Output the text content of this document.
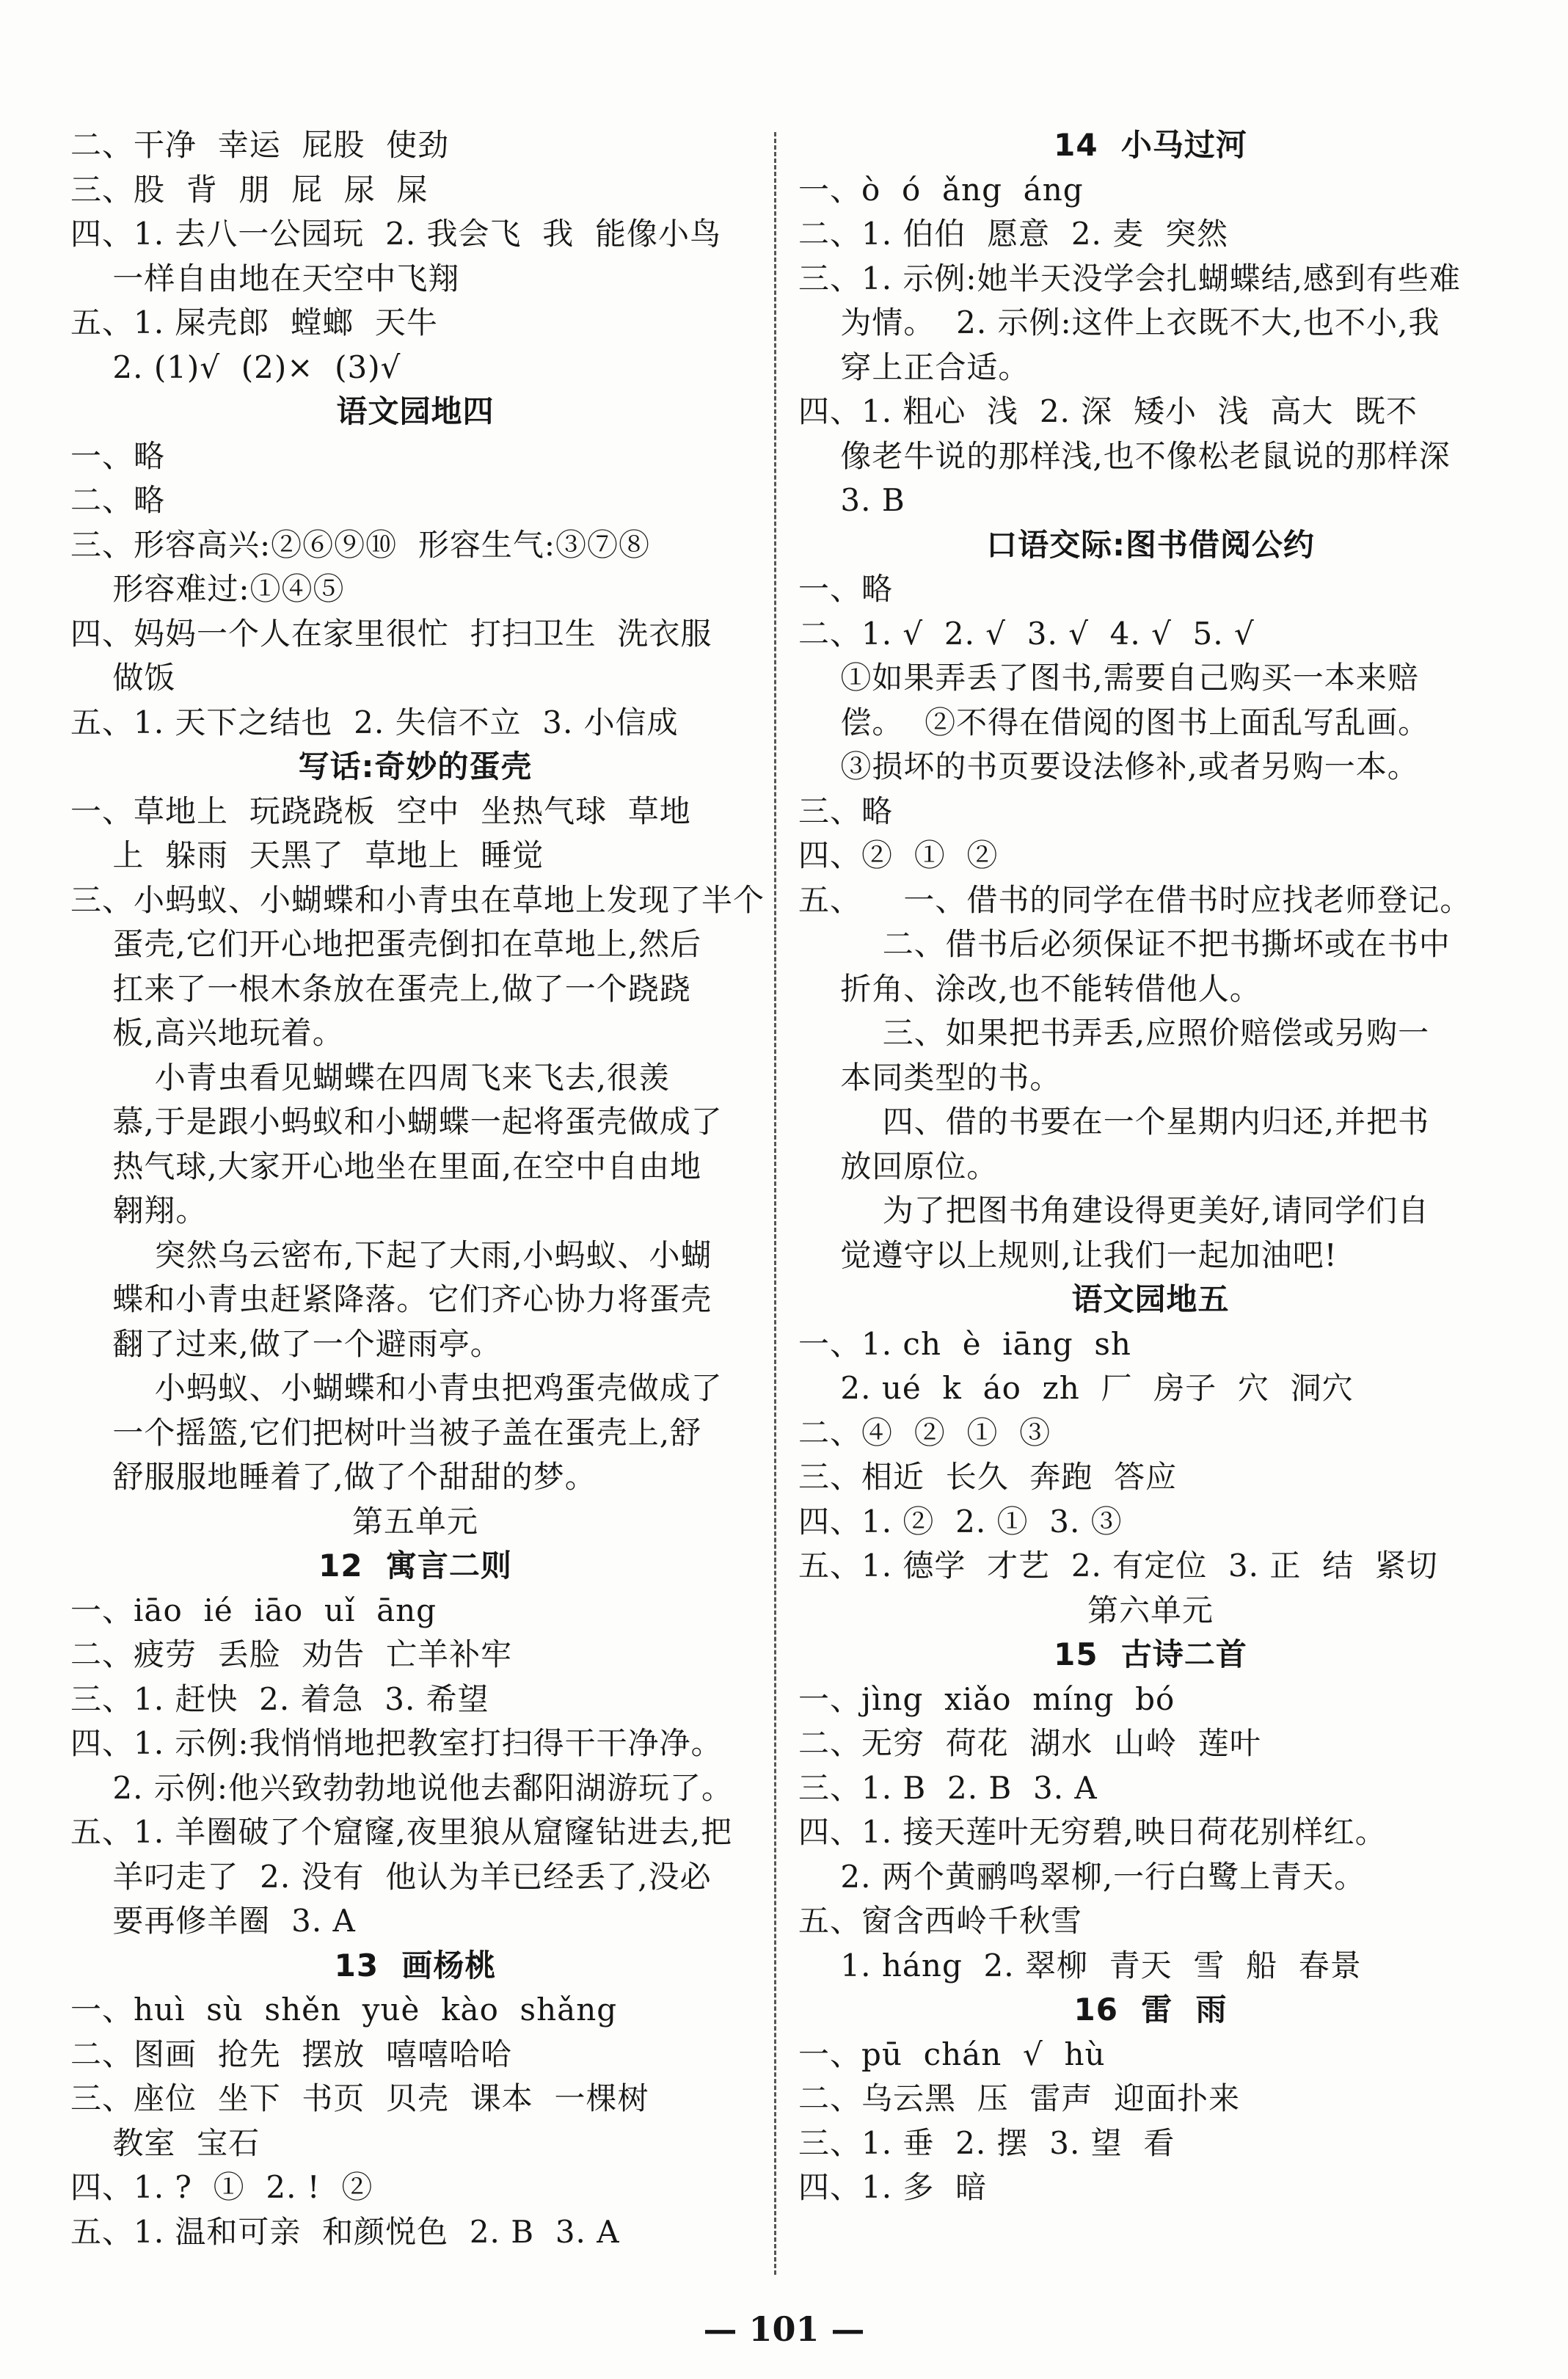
二、干净  幸运  屁股  使劲
三、股  背  朋  屁  尿  屎
四、1. 去八一公园玩  2. 我会飞  我  能像小鸟
一样自由地在天空中飞翔
五、1. 屎壳郎  螳螂  天牛
2. (1)√  (2)×  (3)√
语文园地四
一、略
二、略
三、形容高兴:②⑥⑨⑩  形容生气:③⑦⑧
形容难过:①④⑤
四、妈妈一个人在家里很忙  打扫卫生  洗衣服
做饭
五、1. 天下之结也  2. 失信不立  3. 小信成
写话:奇妙的蛋壳
一、草地上  玩跷跷板  空中  坐热气球  草地
上  躲雨  天黑了  草地上  睡觉
三、小蚂蚁、小蝴蝶和小青虫在草地上发现了半个
蛋壳,它们开心地把蛋壳倒扣在草地上,然后
扛来了一根木条放在蛋壳上,做了一个跷跷
板,高兴地玩着。
小青虫看见蝴蝶在四周飞来飞去,很羡
慕,于是跟小蚂蚁和小蝴蝶一起将蛋壳做成了
热气球,大家开心地坐在里面,在空中自由地
翱翔。
突然乌云密布,下起了大雨,小蚂蚁、小蝴
蝶和小青虫赶紧降落。它们齐心协力将蛋壳
翻了过来,做了一个避雨亭。
小蚂蚁、小蝴蝶和小青虫把鸡蛋壳做成了
一个摇篮,它们把树叶当被子盖在蛋壳上,舒
舒服服地睡着了,做了个甜甜的梦。
第五单元
12  寓言二则
一、iāo  ié  iāo  uǐ  āng
二、疲劳  丢脸  劝告  亡羊补牢
三、1. 赶快  2. 着急  3. 希望
四、1. 示例:我悄悄地把教室打扫得干干净净。
2. 示例:他兴致勃勃地说他去鄱阳湖游玩了。
五、1. 羊圈破了个窟窿,夜里狼从窟窿钻进去,把
羊叼走了  2. 没有  他认为羊已经丢了,没必
要再修羊圈  3. A
13  画杨桃
一、huì  sù  shěn  yuè  kào  shǎng
二、图画  抢先  摆放  嘻嘻哈哈
三、座位  坐下  书页  贝壳  课本  一棵树
教室  宝石
四、1. ?  ①  2. !  ②
五、1. 温和可亲  和颜悦色  2. B  3. A
14  小马过河
一、ò  ó  ǎng  áng
二、1. 伯伯  愿意  2. 麦  突然
三、1. 示例:她半天没学会扎蝴蝶结,感到有些难
为情。  2. 示例:这件上衣既不大,也不小,我
穿上正合适。
四、1. 粗心  浅  2. 深  矮小  浅  高大  既不
像老牛说的那样浅,也不像松老鼠说的那样深
3. B
口语交际:图书借阅公约
一、略
二、1. √  2. √  3. √  4. √  5. √
①如果弄丢了图书,需要自己购买一本来赔
偿。  ②不得在借阅的图书上面乱写乱画。
③损坏的书页要设法修补,或者另购一本。
三、略
四、②  ①  ②
五、    一、借书的同学在借书时应找老师登记。
二、借书后必须保证不把书撕坏或在书中
折角、涂改,也不能转借他人。
三、如果把书弄丢,应照价赔偿或另购一
本同类型的书。
四、借的书要在一个星期内归还,并把书
放回原位。
为了把图书角建设得更美好,请同学们自
觉遵守以上规则,让我们一起加油吧!
语文园地五
一、1. ch  è  iāng  sh
2. ué  k  áo  zh  厂  房子  穴  洞穴
二、④  ②  ①  ③
三、相近  长久  奔跑  答应
四、1. ②  2. ①  3. ③
五、1. 德学  才艺  2. 有定位  3. 正  结  紧切
第六单元
15  古诗二首
一、jìng  xiǎo  míng  bó
二、无穷  荷花  湖水  山岭  莲叶
三、1. B  2. B  3. A
四、1. 接天莲叶无穷碧,映日荷花别样红。
2. 两个黄鹂鸣翠柳,一行白鹭上青天。
五、窗含西岭千秋雪
1. háng  2. 翠柳  青天  雪  船  春景
16  雷  雨
一、pū  chán  √  hù
二、乌云黑  压  雷声  迎面扑来
三、1. 垂  2. 摆  3. 望  看
四、1. 多  暗
— 101 —
